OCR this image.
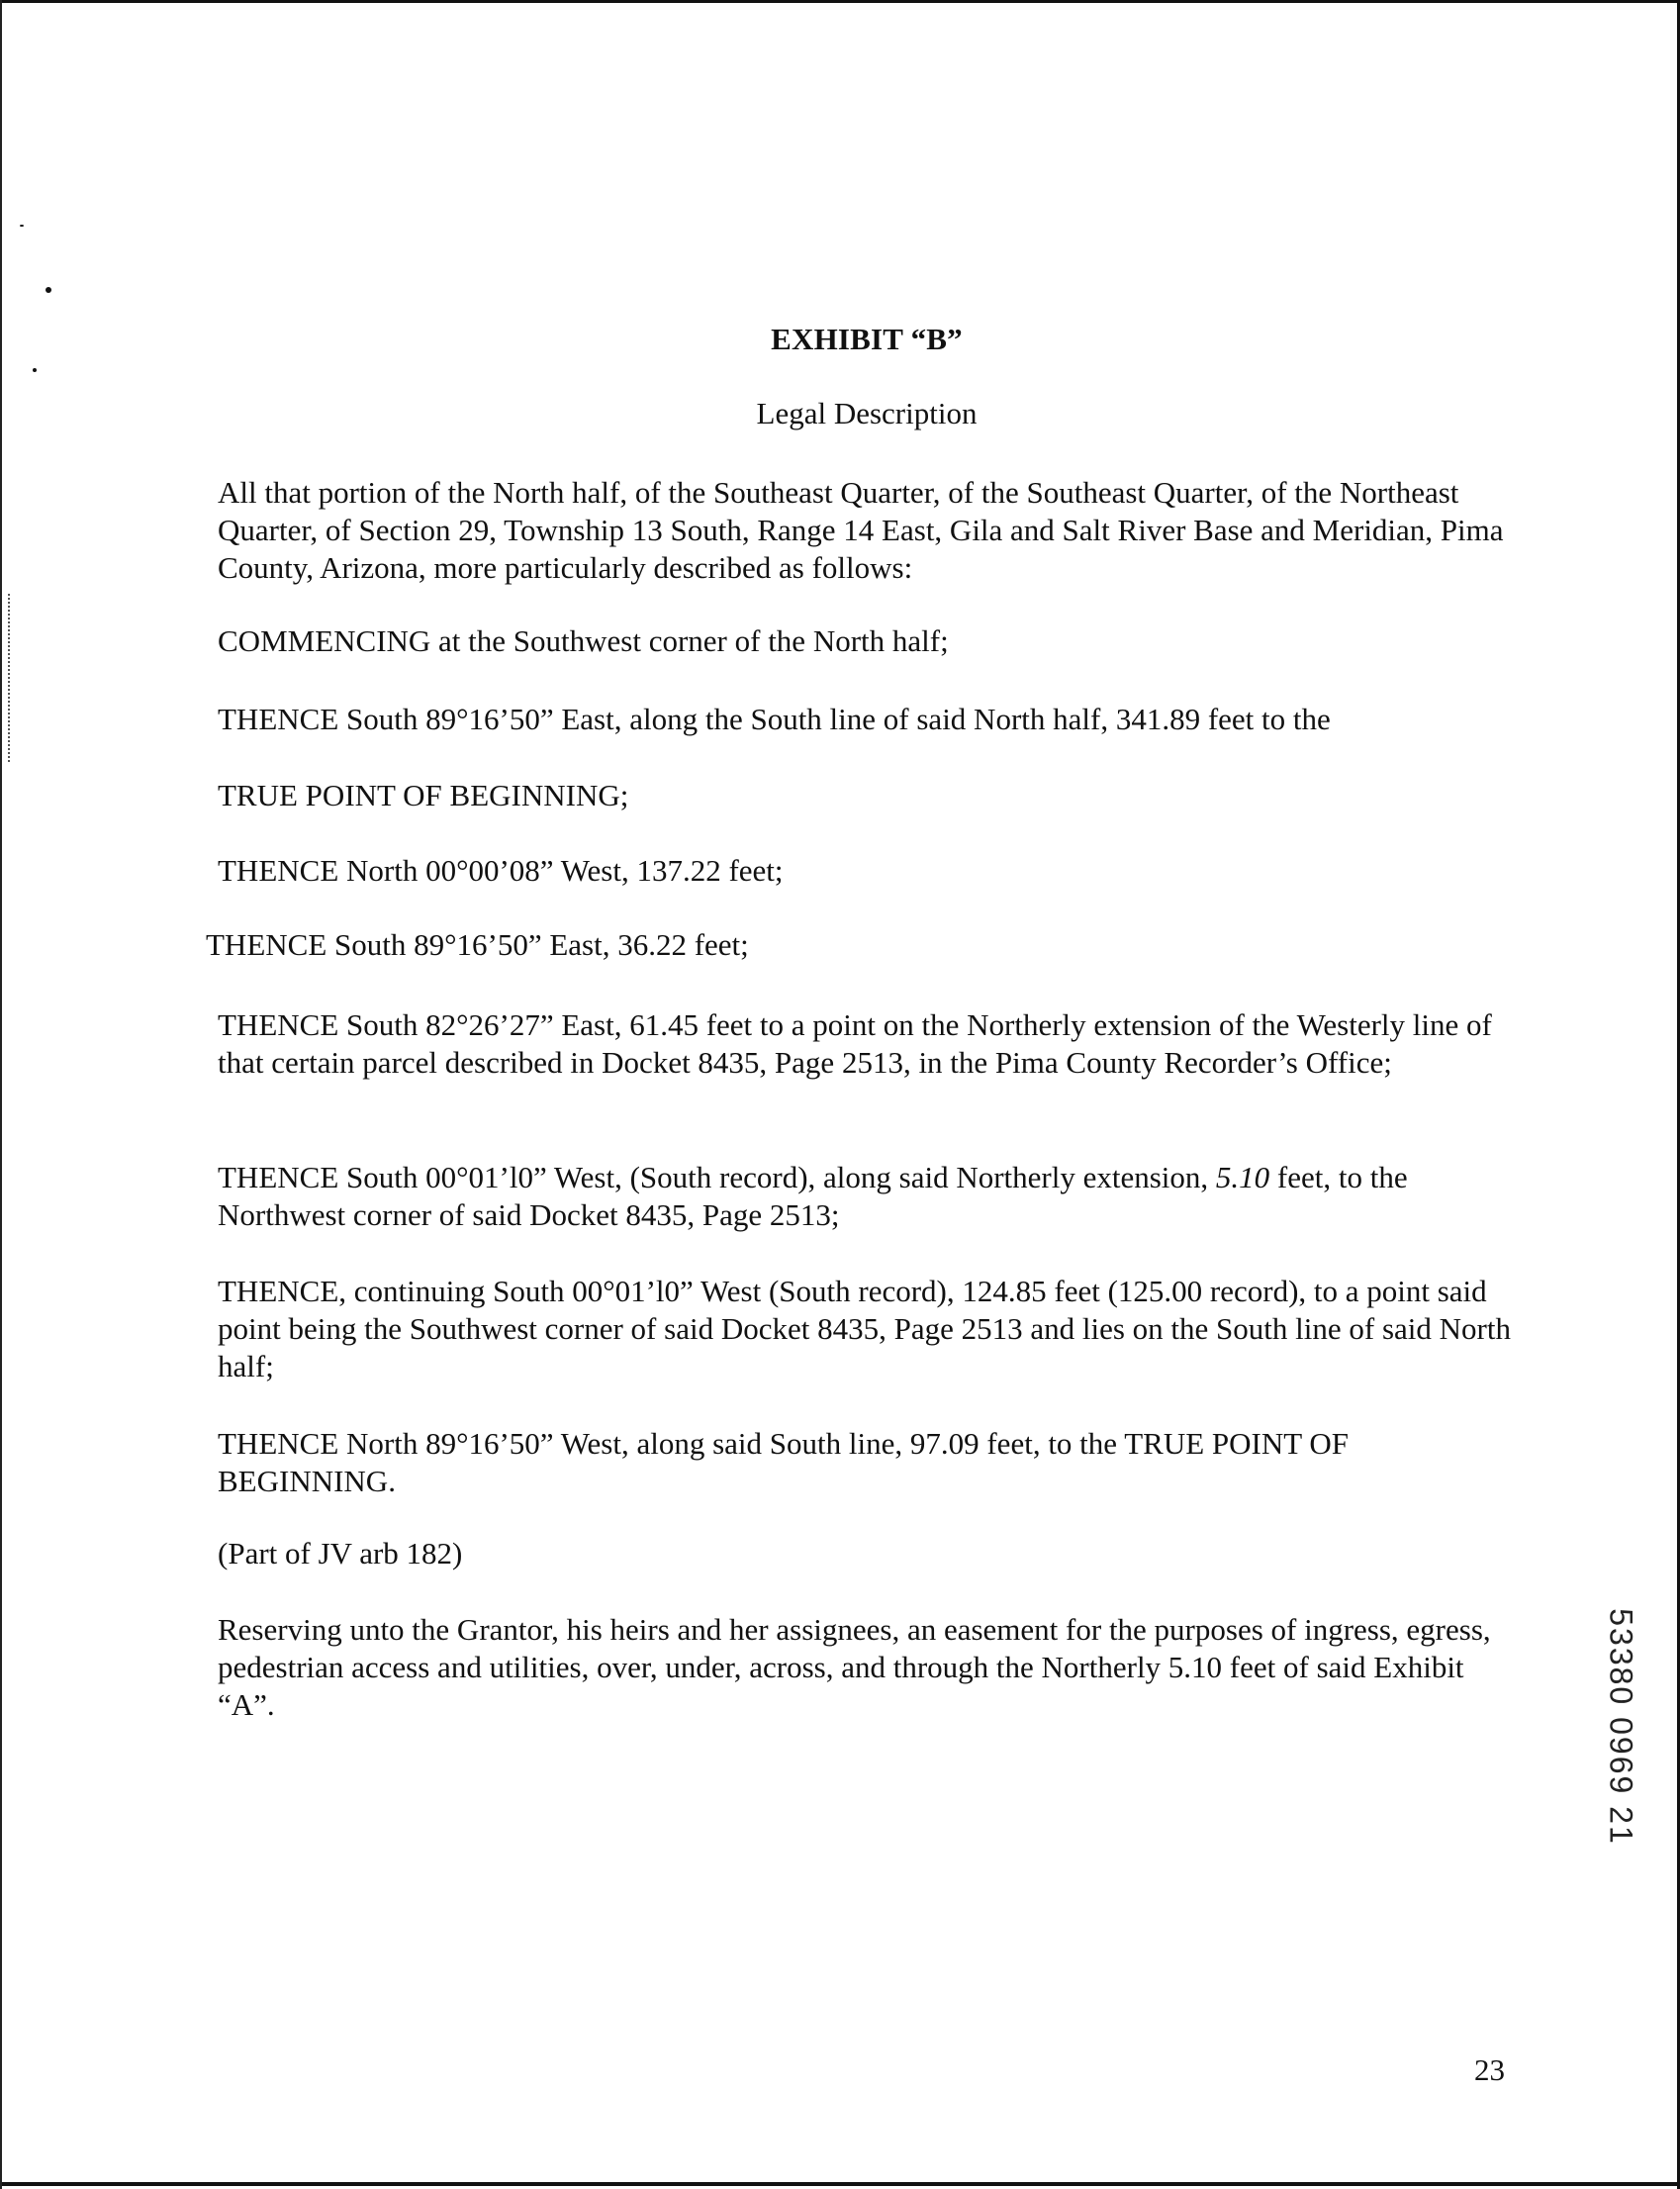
EXHIBIT “B”
Legal Description

All that portion of the North half, of the Southeast Quarter, of the Southeast Quarter, of the Northeast Quarter, of Section 29, Township 13 South, Range 14 East, Gila and Salt River Base and Meridian, Pima County, Arizona, more particularly described as follows:

COMMENCING at the Southwest corner of the North half;

THENCE South 89°16’50” East, along the South line of said North half, 341.89 feet to the

TRUE POINT OF BEGINNING;

THENCE North 00°00’08” West, 137.22 feet;

THENCE South 89°16’50” East, 36.22 feet;

THENCE South 82°26’27” East, 61.45 feet to a point on the Northerly extension of the Westerly line of that certain parcel described in Docket 8435, Page 2513, in the Pima County Recorder’s Office;

THENCE South 00°01’l0” West, (South record), along said Northerly extension, 5.10 feet, to the Northwest corner of said Docket 8435, Page 2513;

THENCE, continuing South 00°01’l0” West (South record), 124.85 feet (125.00 record), to a point said point being the Southwest corner of said Docket 8435, Page 2513 and lies on the South line of said North half;

THENCE North 89°16’50” West, along said South line, 97.09 feet, to the TRUE POINT OF BEGINNING.

(Part of JV arb 182)

Reserving unto the Grantor, his heirs and her assignees, an easement for the purposes of ingress, egress, pedestrian access and utilities, over, under, across, and through the Northerly 5.10 feet of said Exhibit “A”.	53380 0969 21
23
